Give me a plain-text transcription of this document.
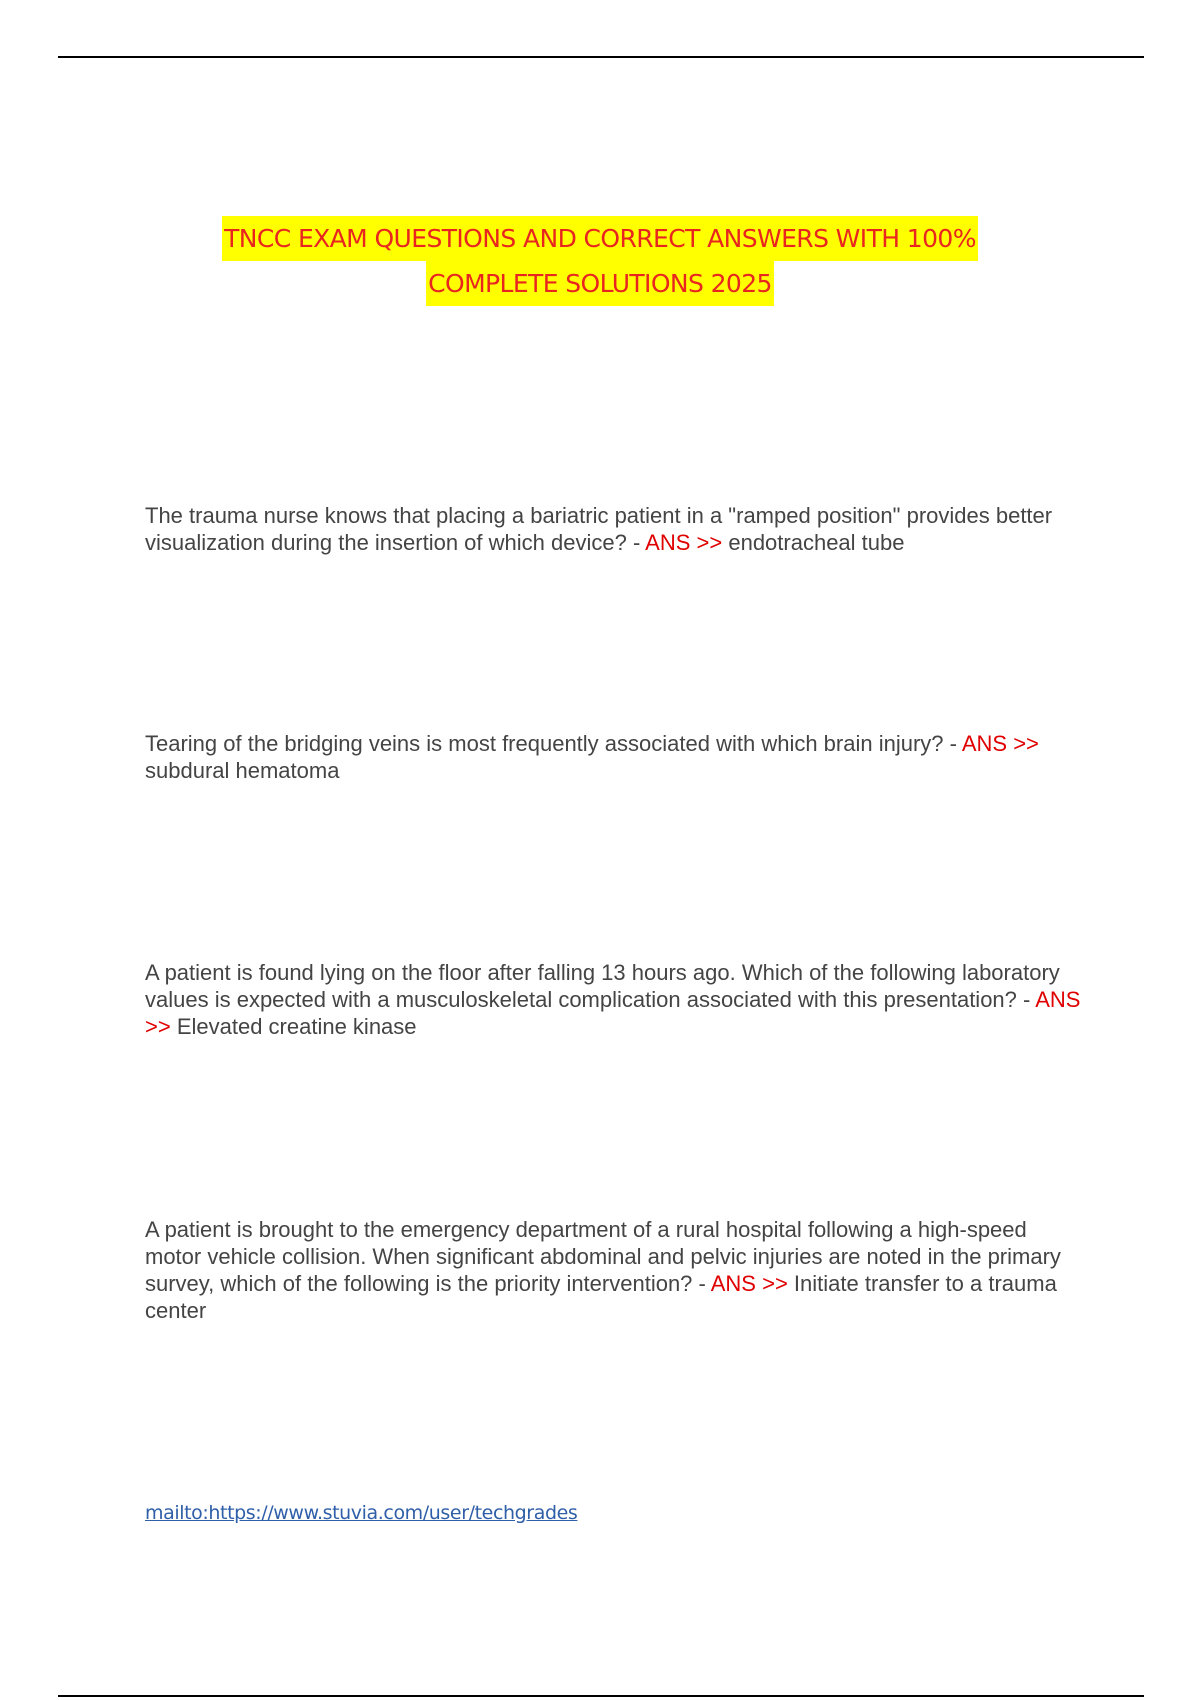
TNCC EXAM QUESTIONS AND CORRECT ANSWERS WITH 100%
COMPLETE SOLUTIONS 2025
The trauma nurse knows that placing a bariatric patient in a "ramped position" provides better visualization during the insertion of which device? - ANS >> endotracheal tube
Tearing of the bridging veins is most frequently associated with which brain injury? - ANS >> subdural hematoma
A patient is found lying on the floor after falling 13 hours ago. Which of the following laboratory values is expected with a musculoskeletal complication associated with this presentation? - ANS >> Elevated creatine kinase
A patient is brought to the emergency department of a rural hospital following a high-speed motor vehicle collision. When significant abdominal and pelvic injuries are noted in the primary survey, which of the following is the priority intervention? - ANS >> Initiate transfer to a trauma center
mailto:https://www.stuvia.com/user/techgrades
